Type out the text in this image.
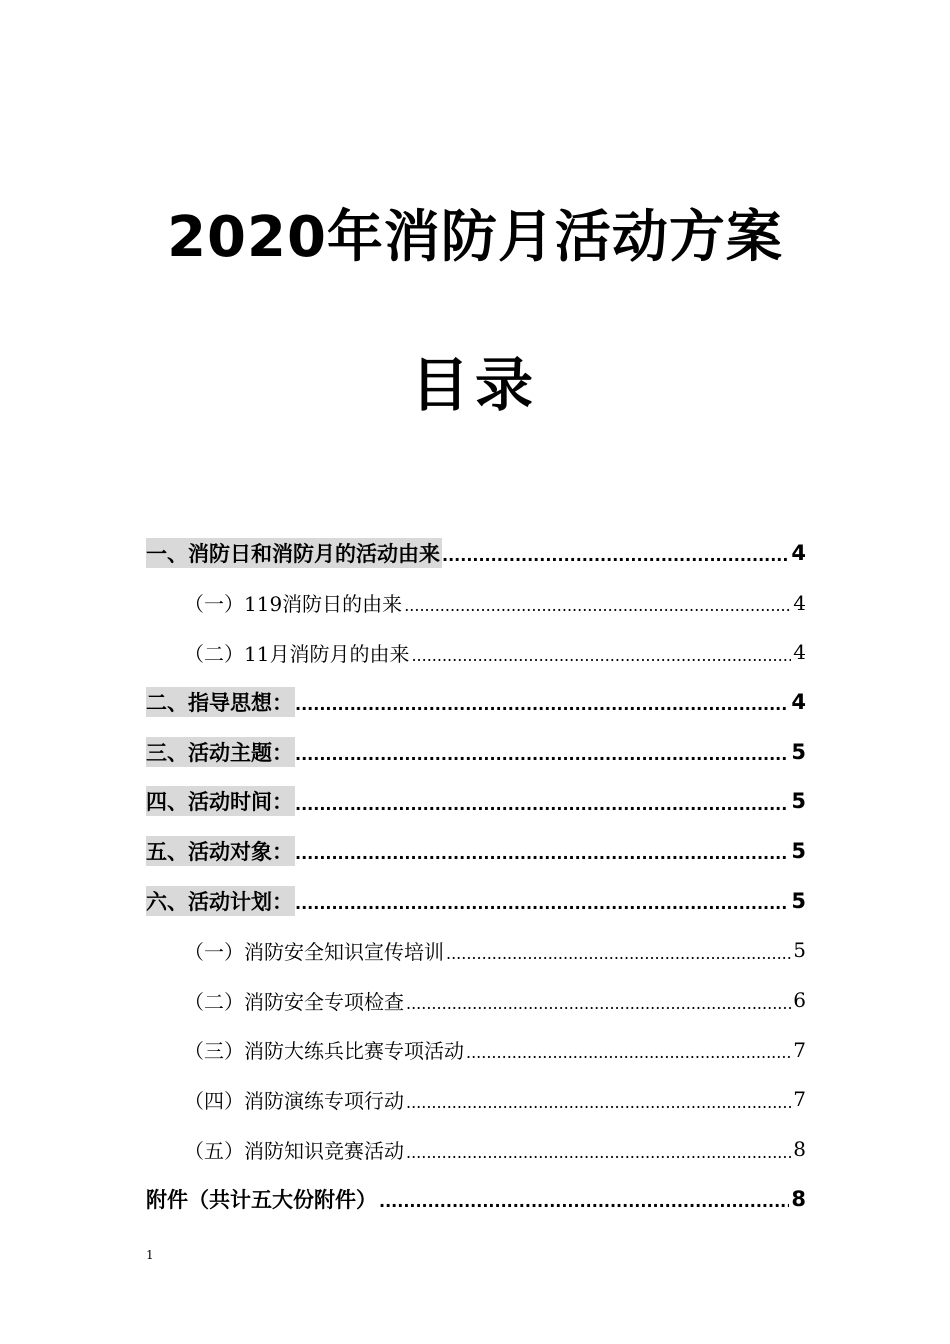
2020年消防月活动方案
目录
一、消防日和消防月的活动由来 .....	4
（一）119消防日的由来 .....	4
（二）11月消防月的由来 .....	4
二、指导思想： .....	4
三、活动主题： .....	5
四、活动时间： .....	5
五、活动对象： .....	5
六、活动计划： .....	5
（一）消防安全知识宣传培训 .....	5
（二）消防安全专项检查 .....	6
（三）消防大练兵比赛专项活动 .....	7
（四）消防演练专项行动 .....	7
（五）消防知识竞赛活动 .....	8
附件（共计五大份附件） .....	8
1
